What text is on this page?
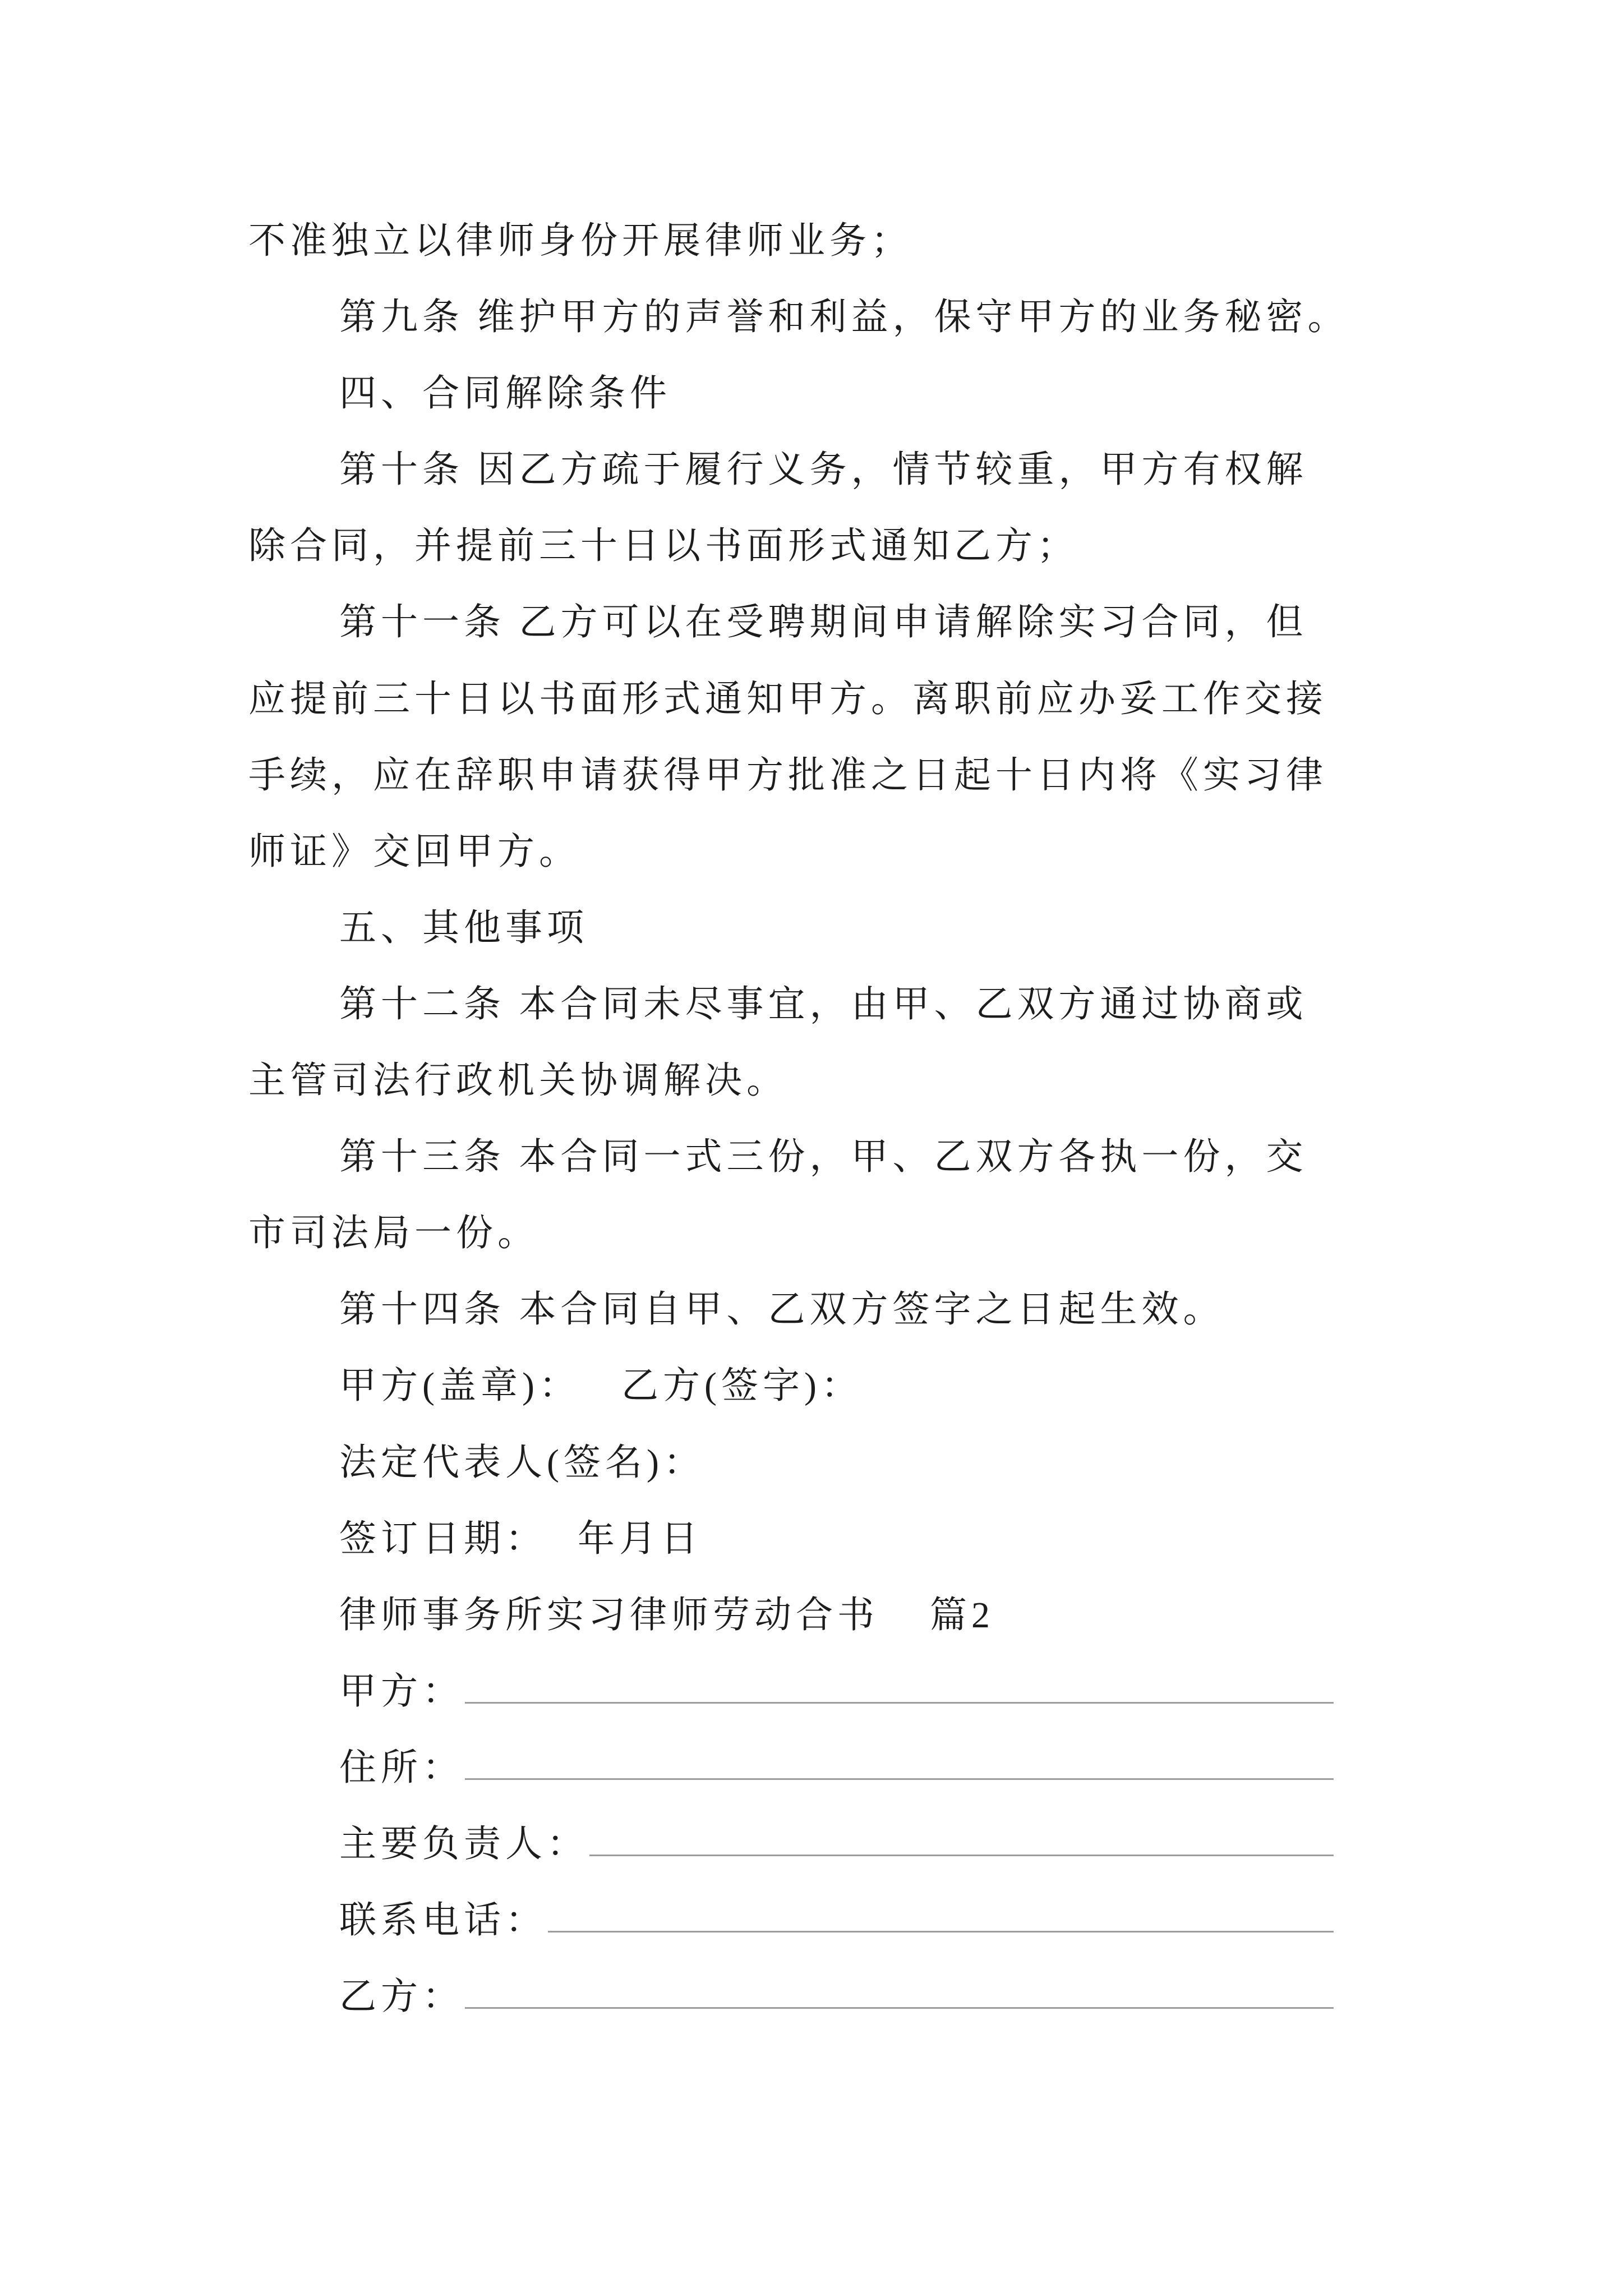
不准独立以律师身份开展律师业务；
第九条 维护甲方的声誉和利益，保守甲方的业务秘密。
四、合同解除条件
第十条 因乙方疏于履行义务，情节较重，甲方有权解
除合同，并提前三十日以书面形式通知乙方；
第十一条 乙方可以在受聘期间申请解除实习合同，但
应提前三十日以书面形式通知甲方。离职前应办妥工作交接
手续，应在辞职申请获得甲方批准之日起十日内将《实习律
师证》交回甲方。
五、其他事项
第十二条 本合同未尽事宜，由甲、乙双方通过协商或
主管司法行政机关协调解决。
第十三条 本合同一式三份，甲、乙双方各执一份，交
市司法局一份。
第十四条 本合同自甲、乙双方签字之日起生效。
甲方(盖章)： 乙方(签字)：
法定代表人(签名)：
签订日期： 年月日
律师事务所实习律师劳动合书 篇2
甲方：
住所：
主要负责人：
联系电话：
乙方：
